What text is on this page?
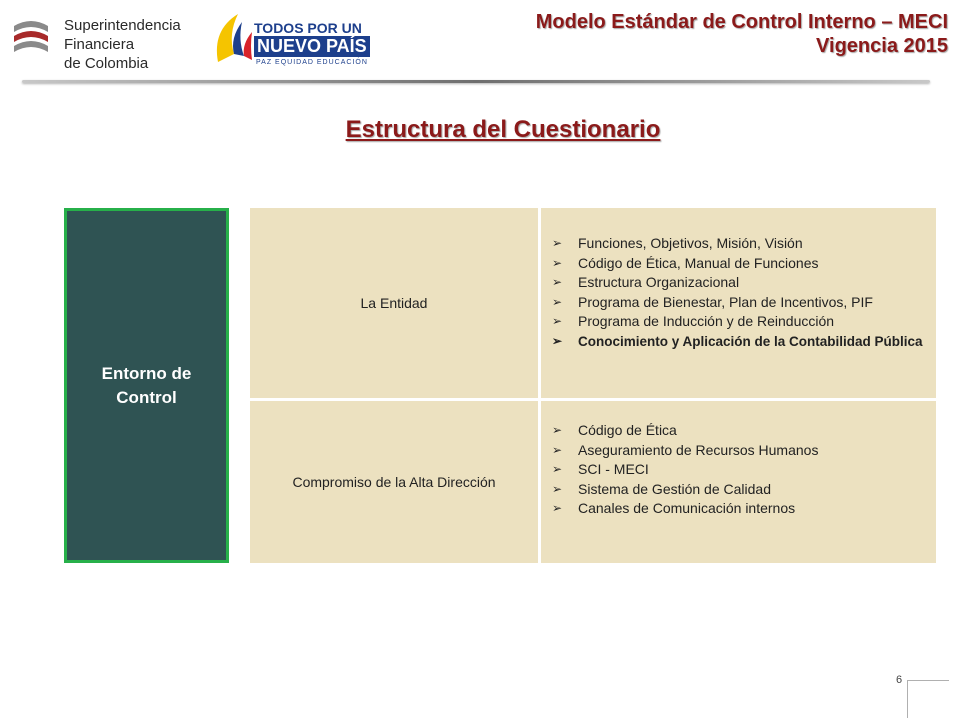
Superintendencia
Financiera
de Colombia
TODOS POR UN
NUEVO PAÍS
PAZ EQUIDAD EDUCACIÓN
Modelo Estándar de Control Interno – MECI
Vigencia 2015
Estructura del Cuestionario
Entorno de Control
La Entidad
➢ Funciones, Objetivos, Misión, Visión
➢ Código de Ética, Manual de Funciones
➢ Estructura Organizacional
➢ Programa de Bienestar, Plan de Incentivos, PIF
➢ Programa de Inducción y de Reinducción
➢ Conocimiento y Aplicación de la Contabilidad Pública
Compromiso de la Alta Dirección
➢ Código de Ética
➢ Aseguramiento de Recursos Humanos
➢ SCI - MECI
➢ Sistema de Gestión de Calidad
➢ Canales de Comunicación internos
6
